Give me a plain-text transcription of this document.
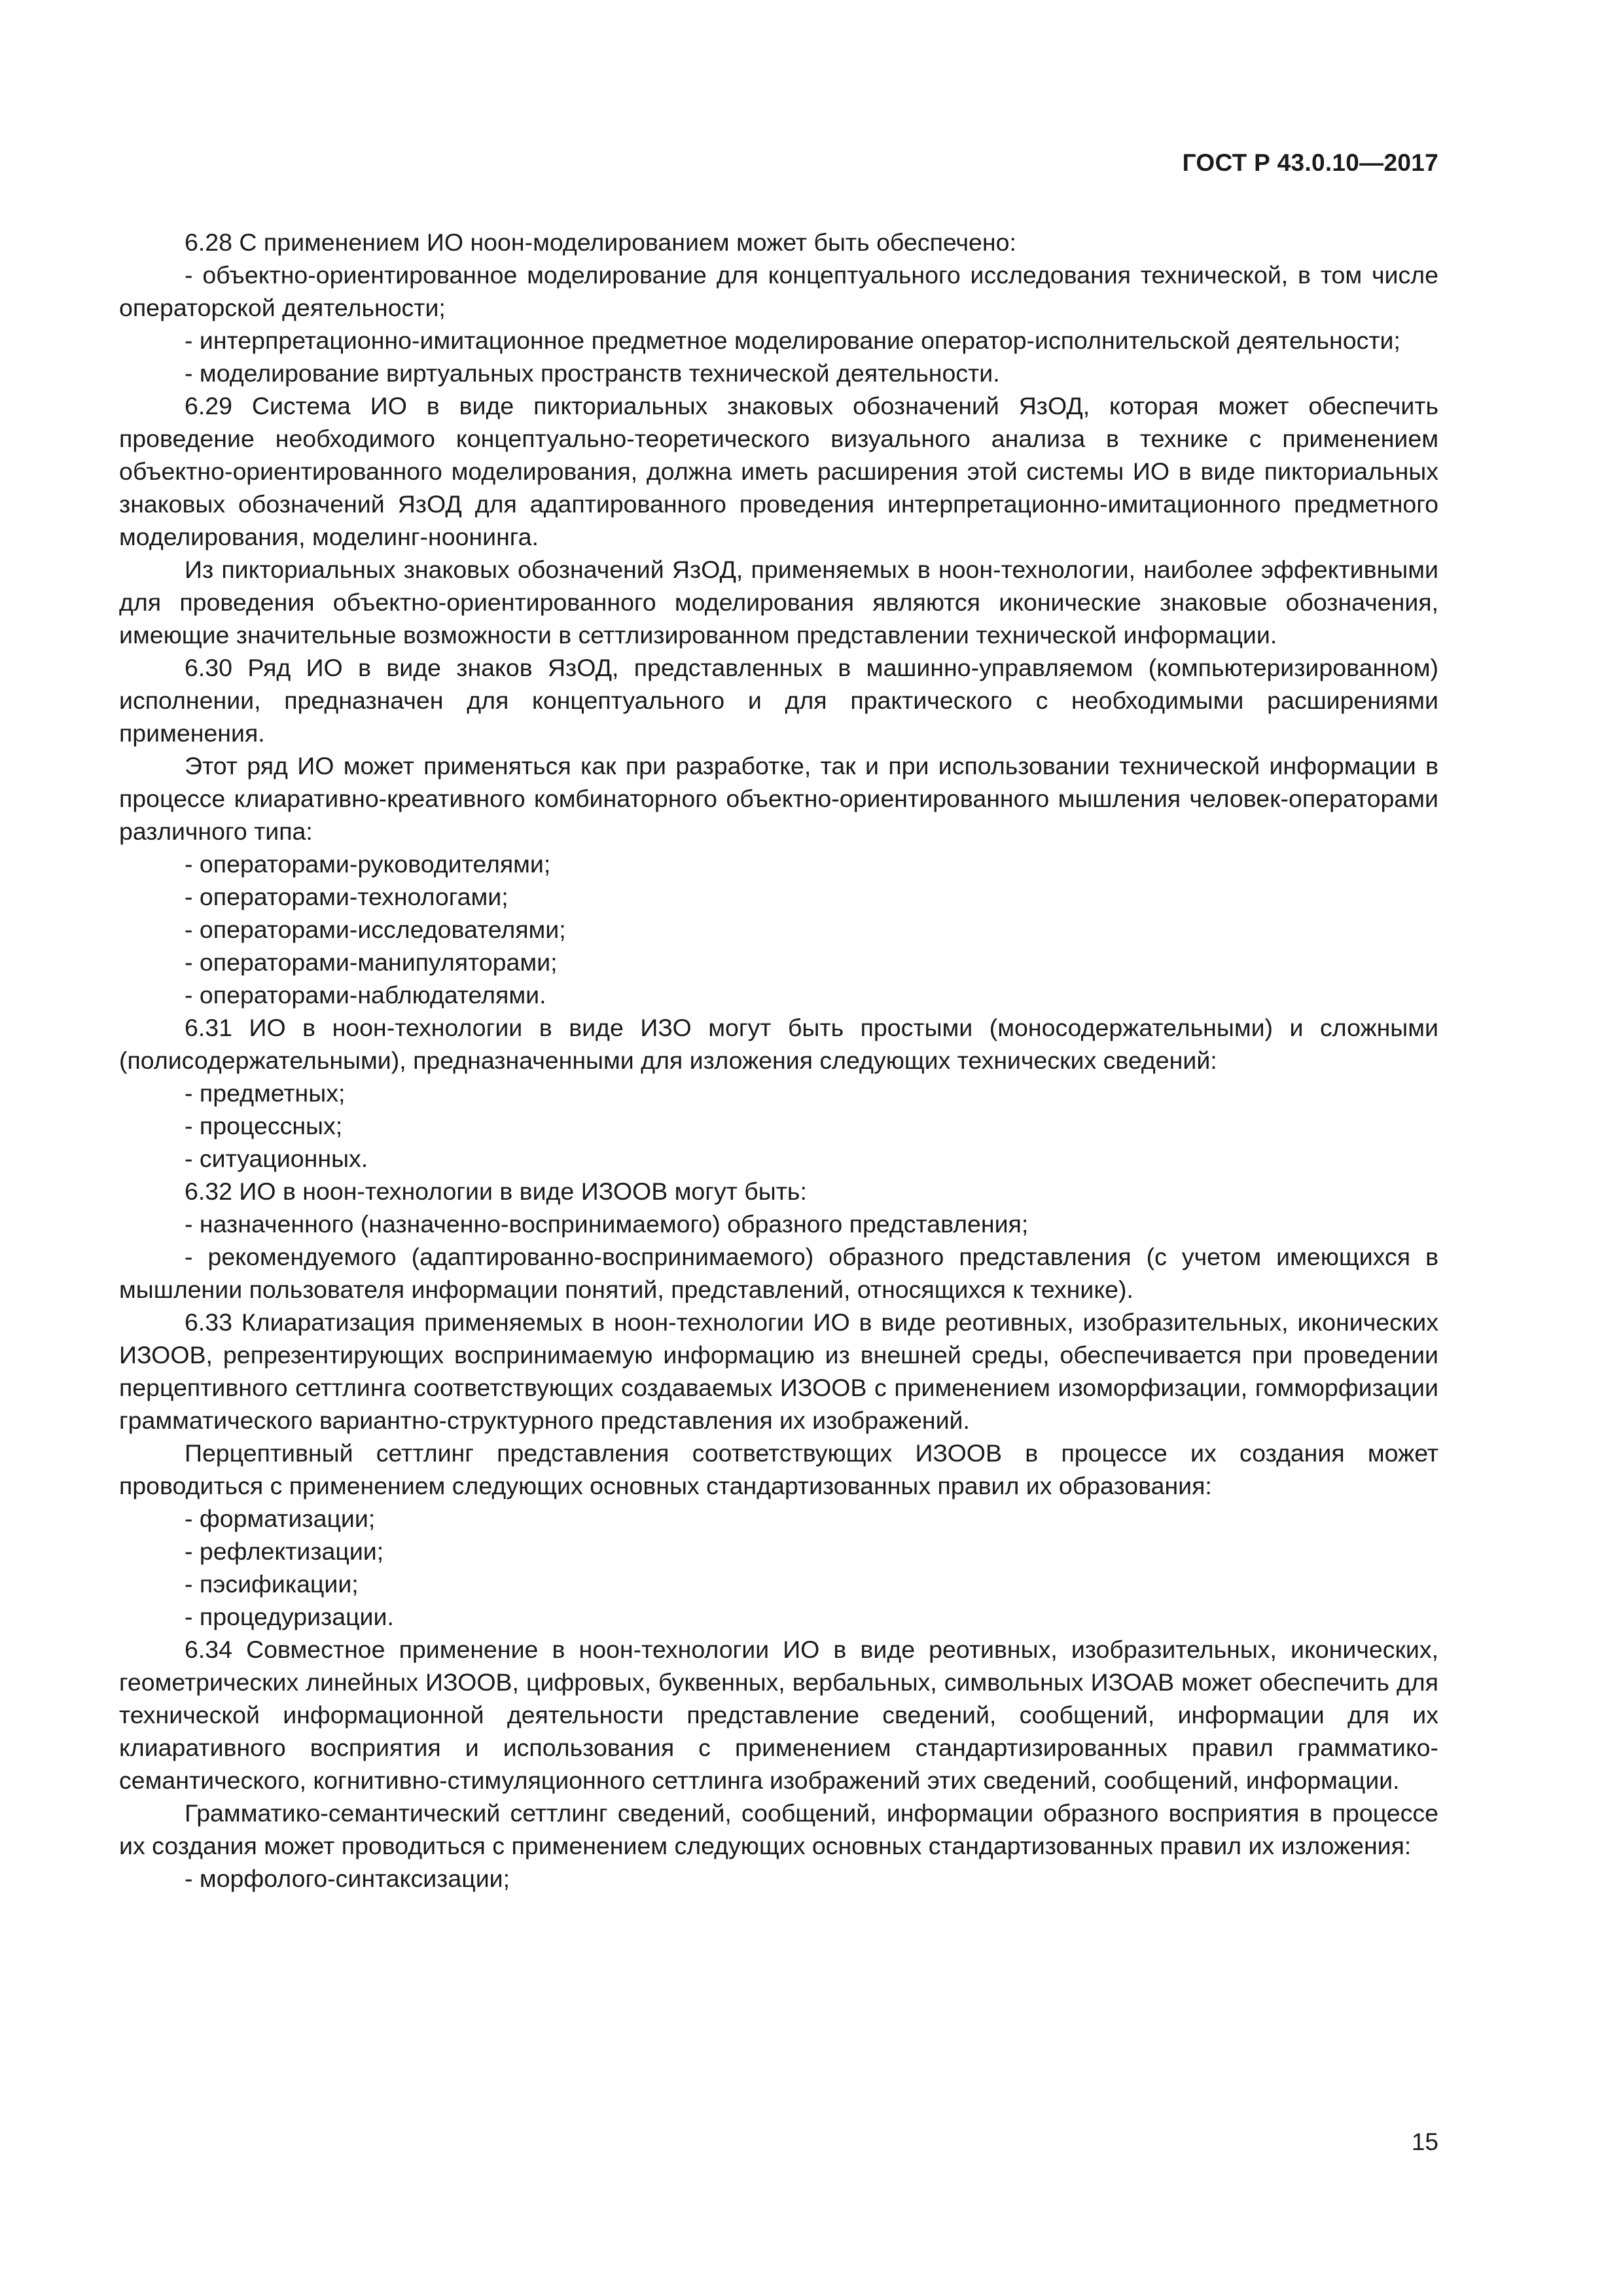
ГОСТ Р 43.0.10—2017

6.28 С применением ИО ноон-моделированием может быть обеспечено:

- объектно-ориентированное моделирование для концептуального исследования технической, в том числе операторской деятельности;

- интерпретационно-имитационное предметное моделирование оператор-исполнительской деятельности;

- моделирование виртуальных пространств технической деятельности.

6.29 Система ИО в виде пикториальных знаковых обозначений ЯзОД, которая может обеспечить проведение необходимого концептуально-теоретического визуального анализа в технике с применением объектно-ориентированного моделирования, должна иметь расширения этой системы ИО в виде пикториальных знаковых обозначений ЯзОД для адаптированного проведения интерпретационно-имитационного предметного моделирования, моделинг-ноонинга.

Из пикториальных знаковых обозначений ЯзОД, применяемых в ноон-технологии, наиболее эффективными для проведения объектно-ориентированного моделирования являются иконические знаковые обозначения, имеющие значительные возможности в сеттлизированном представлении технической информации.

6.30 Ряд ИО в виде знаков ЯзОД, представленных в машинно-управляемом (компьютеризированном) исполнении, предназначен для концептуального и для практического с необходимыми расширениями применения.

Этот ряд ИО может применяться как при разработке, так и при использовании технической информации в процессе клиаративно-креативного комбинаторного объектно-ориентированного мышления человек-операторами различного типа:

- операторами-руководителями;

- операторами-технологами;

- операторами-исследователями;

- операторами-манипуляторами;

- операторами-наблюдателями.

6.31 ИО в ноон-технологии в виде ИЗО могут быть простыми (моносодержательными) и сложными (полисодержательными), предназначенными для изложения следующих технических сведений:

- предметных;

- процессных;

- ситуационных.

6.32 ИО в ноон-технологии в виде ИЗООВ могут быть:

- назначенного (назначенно-воспринимаемого) образного представления;

- рекомендуемого (адаптированно-воспринимаемого) образного представления (с учетом имеющихся в мышлении пользователя информации понятий, представлений, относящихся к технике).

6.33 Клиаратизация применяемых в ноон-технологии ИО в виде реотивных, изобразительных, иконических ИЗООВ, репрезентирующих воспринимаемую информацию из внешней среды, обеспечивается при проведении перцептивного сеттлинга соответствующих создаваемых ИЗООВ с применением изоморфизации, гомморфизации грамматического вариантно-структурного представления их изображений.

Перцептивный сеттлинг представления соответствующих ИЗООВ в процессе их создания может проводиться с применением следующих основных стандартизованных правил их образования:

- форматизации;

- рефлектизации;

- пэсификации;

- процедуризации.

6.34 Совместное применение в ноон-технологии ИО в виде реотивных, изобразительных, иконических, геометрических линейных ИЗООВ, цифровых, буквенных, вербальных, символьных ИЗОАВ может обеспечить для технической информационной деятельности представление сведений, сообщений, информации для их клиаративного восприятия и использования с применением стандартизированных правил грамматико-семантического, когнитивно-стимуляционного сеттлинга изображений этих сведений, сообщений, информации.

Грамматико-семантический сеттлинг сведений, сообщений, информации образного восприятия в процессе их создания может проводиться с применением следующих основных стандартизованных правил их изложения:

- морфолого-синтаксизации;

15
